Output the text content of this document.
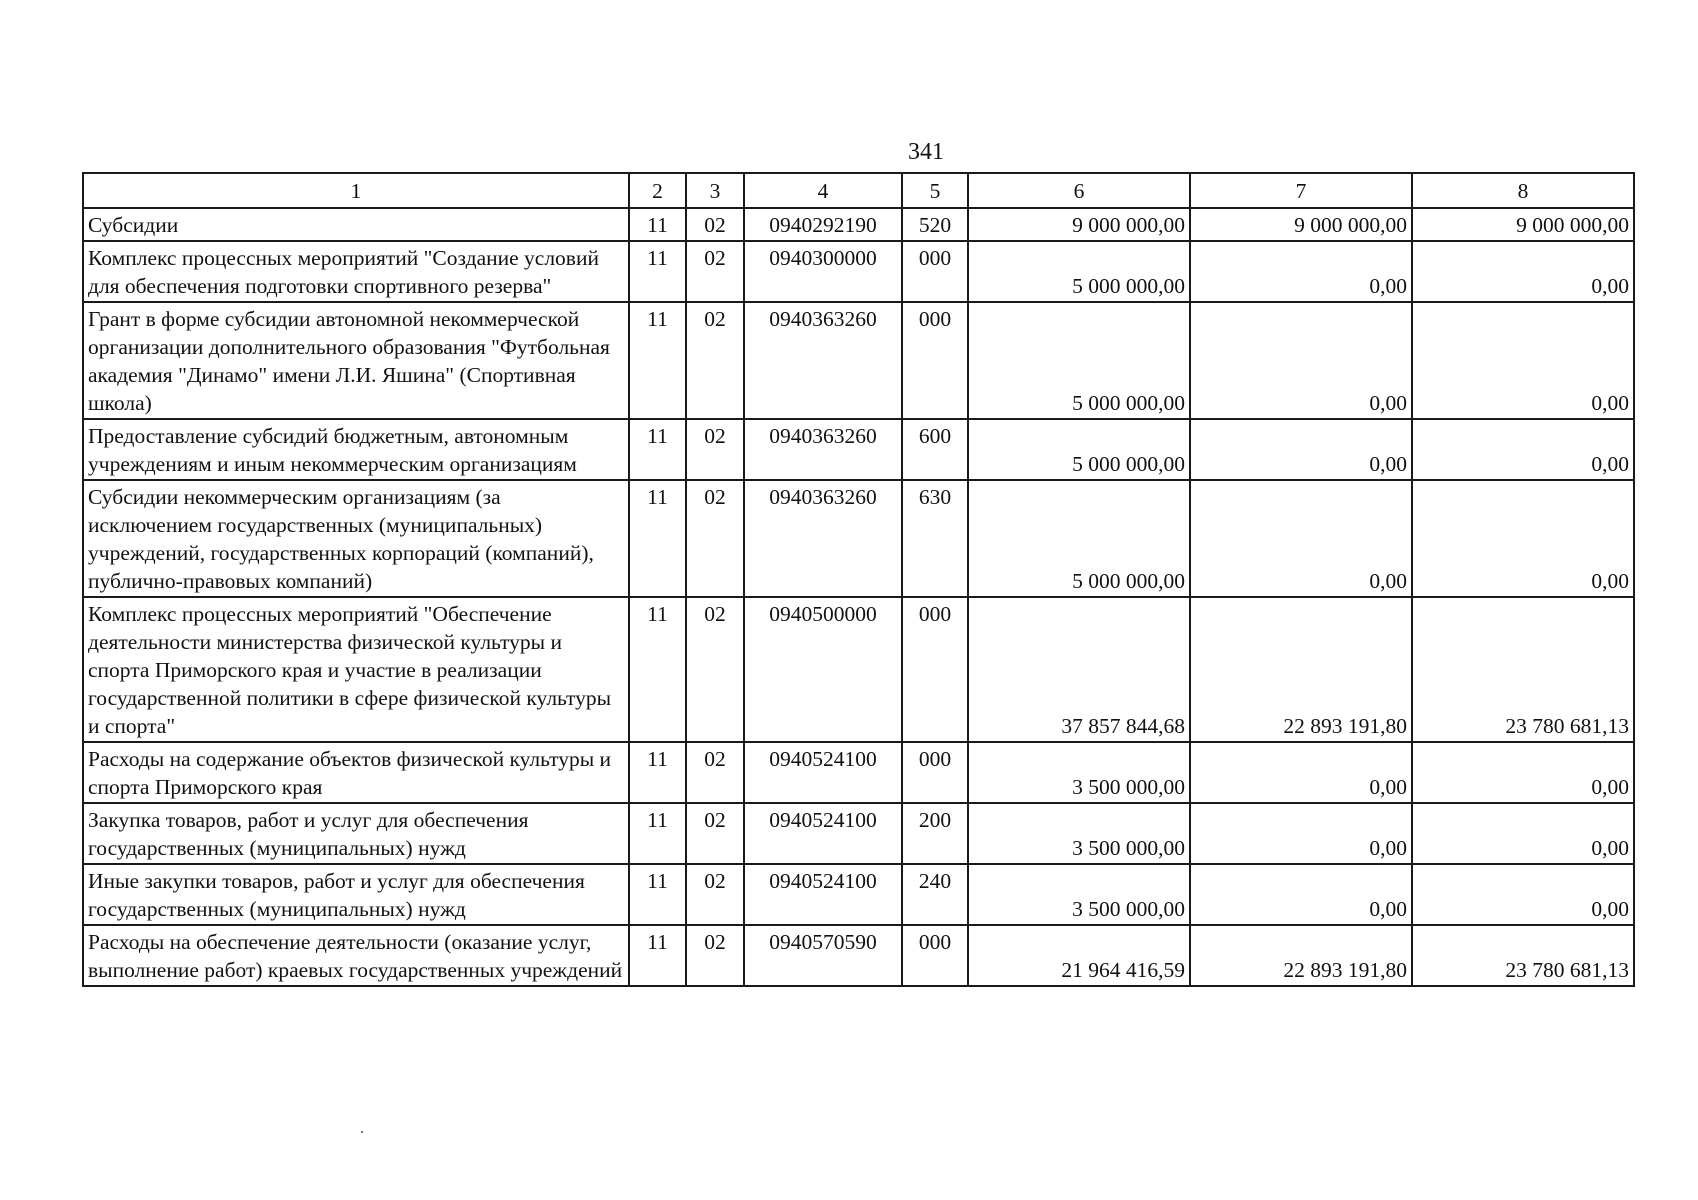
341
1	2	3	4	5	6	7	8
Субсидии	11	02	0940292190	520	9 000 000,00	9 000 000,00	9 000 000,00
Комплекс процессных мероприятий "Создание условий для обеспечения подготовки спортивного резерва"	11	02	0940300000	000	5 000 000,00	0,00	0,00
Грант в форме субсидии автономной некоммерческой организации дополнительного образования "Футбольная академия "Динамо" имени Л.И. Яшина" (Спортивная школа)	11	02	0940363260	000	5 000 000,00	0,00	0,00
Предоставление субсидий бюджетным, автономным учреждениям и иным некоммерческим организациям	11	02	0940363260	600	5 000 000,00	0,00	0,00
Субсидии некоммерческим организациям (за исключением государственных (муниципальных) учреждений, государственных корпораций (компаний), публично-правовых компаний)	11	02	0940363260	630	5 000 000,00	0,00	0,00
Комплекс процессных мероприятий "Обеспечение деятельности министерства физической культуры и спорта Приморского края и участие в реализации государственной политики в сфере физической культуры и спорта"	11	02	0940500000	000	37 857 844,68	22 893 191,80	23 780 681,13
Расходы на содержание объектов физической культуры и спорта Приморского края	11	02	0940524100	000	3 500 000,00	0,00	0,00
Закупка товаров, работ и услуг для обеспечения государственных (муниципальных) нужд	11	02	0940524100	200	3 500 000,00	0,00	0,00
Иные закупки товаров, работ и услуг для обеспечения государственных (муниципальных) нужд	11	02	0940524100	240	3 500 000,00	0,00	0,00
Расходы на обеспечение деятельности (оказание услуг, выполнение работ) краевых государственных учреждений	11	02	0940570590	000	21 964 416,59	22 893 191,80	23 780 681,13
